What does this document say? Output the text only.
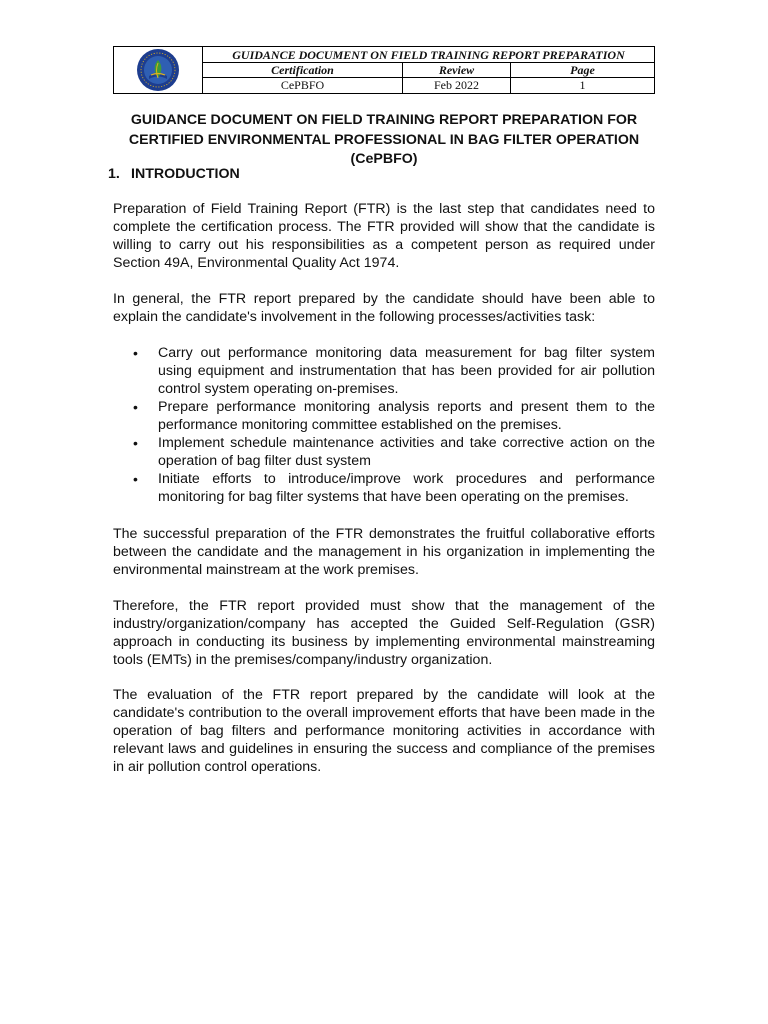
GUIDANCE DOCUMENT ON FIELD TRAINING REPORT PREPARATION
Certification	Review	Page
CePBFO	Feb 2022	1
GUIDANCE DOCUMENT ON FIELD TRAINING REPORT PREPARATION FOR CERTIFIED ENVIRONMENTAL PROFESSIONAL IN BAG FILTER OPERATION (CePBFO)
1. INTRODUCTION

Preparation of Field Training Report (FTR) is the last step that candidates need to complete the certification process. The FTR provided will show that the candidate is willing to carry out his responsibilities as a competent person as required under Section 49A, Environmental Quality Act 1974.

In general, the FTR report prepared by the candidate should have been able to explain the candidate's involvement in the following processes/activities task:

• Carry out performance monitoring data measurement for bag filter system using equipment and instrumentation that has been provided for air pollution control system operating on-premises.
• Prepare performance monitoring analysis reports and present them to the performance monitoring committee established on the premises.
• Implement schedule maintenance activities and take corrective action on the operation of bag filter dust system
• Initiate efforts to introduce/improve work procedures and performance monitoring for bag filter systems that have been operating on the premises.

The successful preparation of the FTR demonstrates the fruitful collaborative efforts between the candidate and the management in his organization in implementing the environmental mainstream at the work premises.

Therefore, the FTR report provided must show that the management of the industry/organization/company has accepted the Guided Self-Regulation (GSR) approach in conducting its business by implementing environmental mainstreaming tools (EMTs) in the premises/company/industry organization.

The evaluation of the FTR report prepared by the candidate will look at the candidate's contribution to the overall improvement efforts that have been made in the operation of bag filters and performance monitoring activities in accordance with relevant laws and guidelines in ensuring the success and compliance of the premises in air pollution control operations.
